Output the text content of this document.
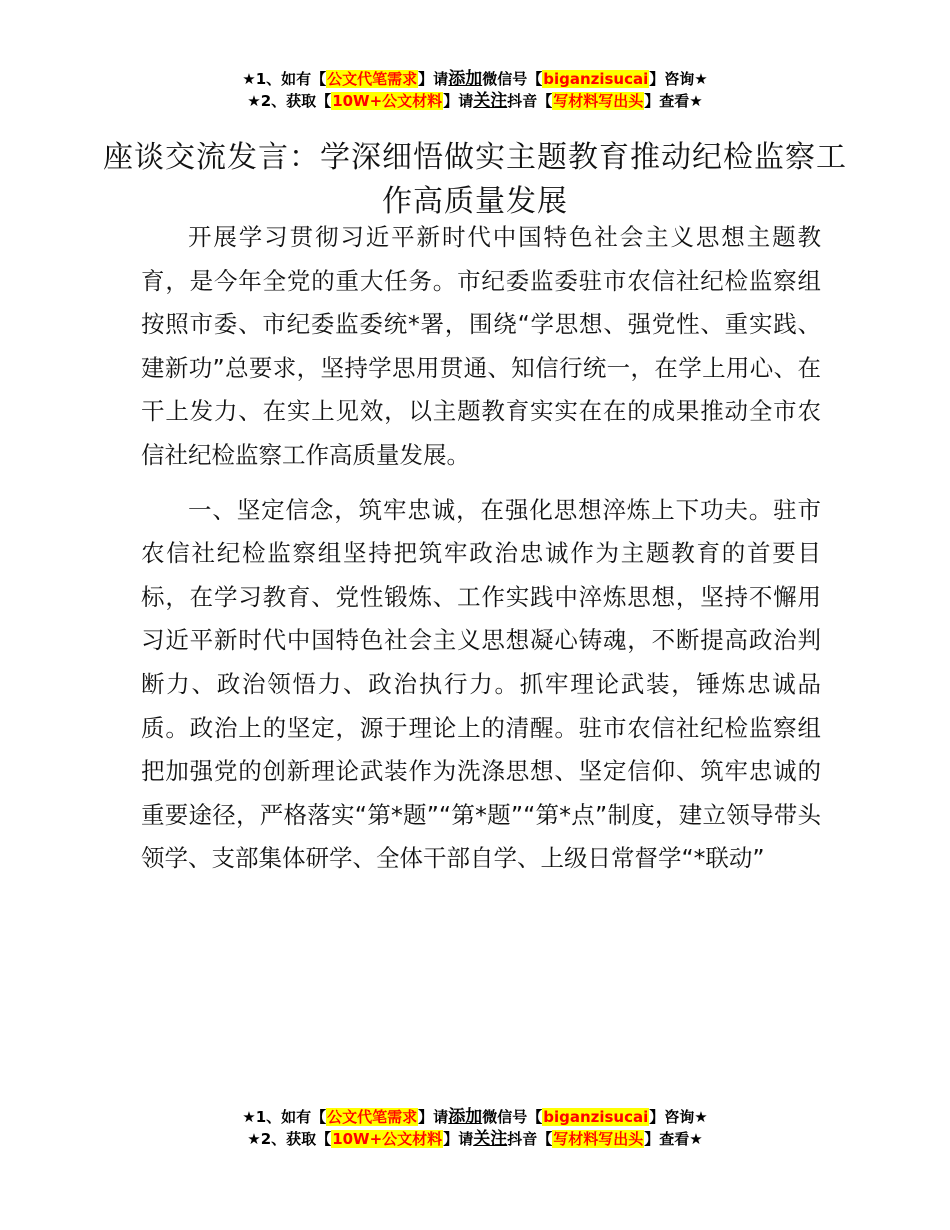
★1、如有【公文代笔需求】请添加微信号【biganzisucai】咨询★
★2、获取【10W+公文材料】请关注抖音【写材料写出头】查看★
座谈交流发言：学深细悟做实主题教育推动纪检监察工作高质量发展

开展学习贯彻习近平新时代中国特色社会主义思想主题教育，是今年全党的重大任务。市纪委监委驻市农信社纪检监察组按照市委、市纪委监委统*署，围绕“学思想、强党性、重实践、建新功”总要求，坚持学思用贯通、知信行统一，在学上用心、在干上发力、在实上见效，以主题教育实实在在的成果推动全市农信社纪检监察工作高质量发展。

一、坚定信念，筑牢忠诚，在强化思想淬炼上下功夫。驻市农信社纪检监察组坚持把筑牢政治忠诚作为主题教育的首要目标，在学习教育、党性锻炼、工作实践中淬炼思想，坚持不懈用习近平新时代中国特色社会主义思想凝心铸魂，不断提高政治判断力、政治领悟力、政治执行力。抓牢理论武装，锤炼忠诚品质。政治上的坚定，源于理论上的清醒。驻市农信社纪检监察组把加强党的创新理论武装作为洗涤思想、坚定信仰、筑牢忠诚的重要途径，严格落实“第*题”“第*题”“第*点”制度，建立领导带头领学、支部集体研学、全体干部自学、上级日常督学“*联动”

★1、如有【公文代笔需求】请添加微信号【biganzisucai】咨询★
★2、获取【10W+公文材料】请关注抖音【写材料写出头】查看★
